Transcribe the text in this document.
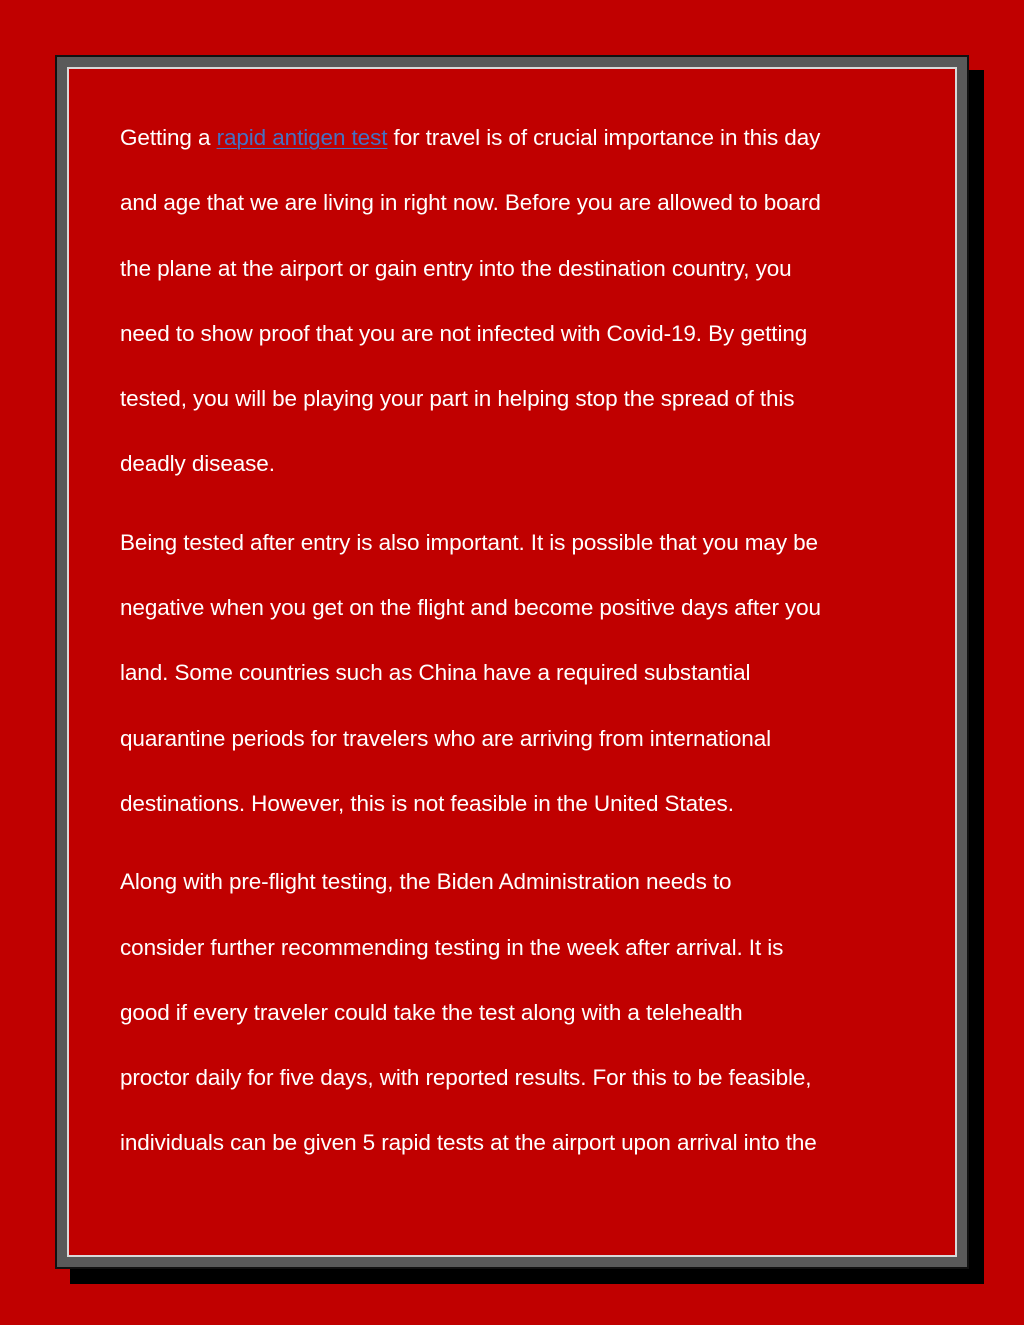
Getting a rapid antigen test for travel is of crucial importance in this day
and age that we are living in right now. Before you are allowed to board
the plane at the airport or gain entry into the destination country, you
need to show proof that you are not infected with Covid-19. By getting
tested, you will be playing your part in helping stop the spread of this
deadly disease.

Being tested after entry is also important. It is possible that you may be
negative when you get on the flight and become positive days after you
land. Some countries such as China have a required substantial
quarantine periods for travelers who are arriving from international
destinations. However, this is not feasible in the United States.

Along with pre-flight testing, the Biden Administration needs to
consider further recommending testing in the week after arrival. It is
good if every traveler could take the test along with a telehealth
proctor daily for five days, with reported results. For this to be feasible,
individuals can be given 5 rapid tests at the airport upon arrival into the
